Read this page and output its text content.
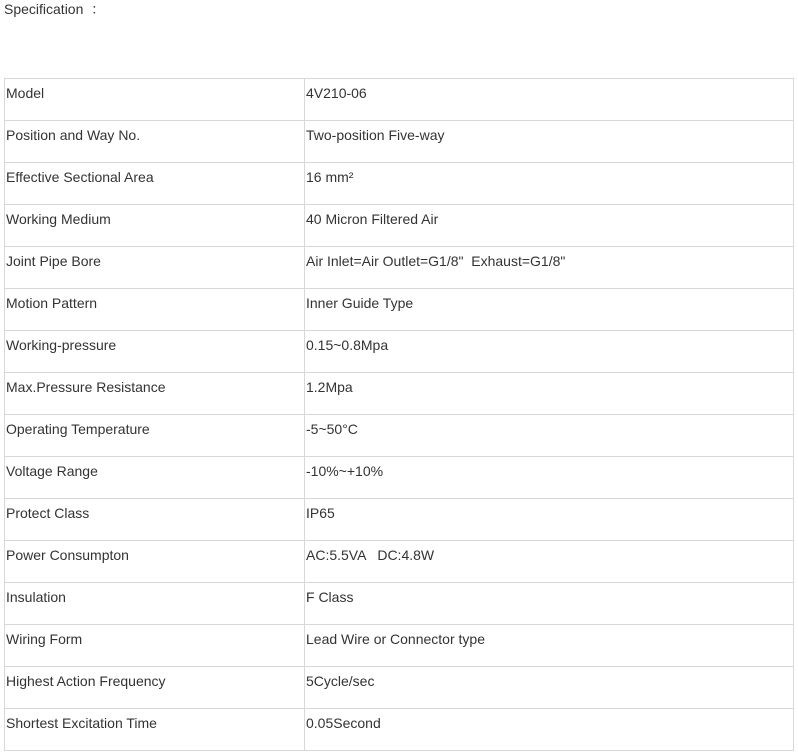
Specification  ：
Model	4V210-06

Position and Way No.	Two-position Five-way

Effective Sectional Area	16 mm²

Working Medium	40 Micron Filtered Air

Joint Pipe Bore	Air Inlet=Air Outlet=G1/8"  Exhaust=G1/8"

Motion Pattern	Inner Guide Type

Working-pressure	0.15~0.8Mpa

Max.Pressure Resistance	1.2Mpa

Operating Temperature	-5~50°C

Voltage Range	-10%~+10%

Protect Class	IP65

Power Consumpton	AC:5.5VA   DC:4.8W

Insulation	F Class

Wiring Form	Lead Wire or Connector type

Highest Action Frequency	5Cycle/sec

Shortest Excitation Time	0.05Second
